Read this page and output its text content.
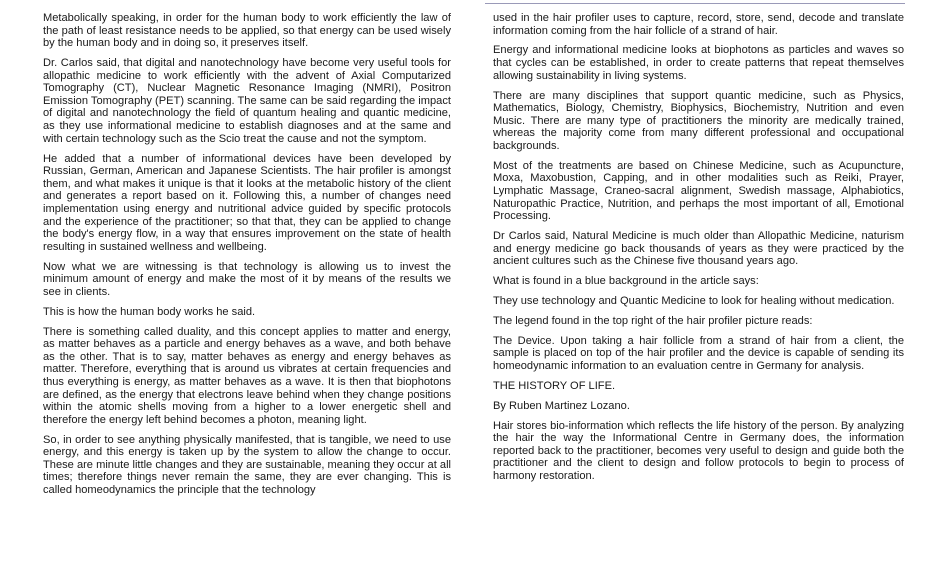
Metabolically speaking, in order for the human body to work efficiently the law of the path of least resistance needs to be applied, so that energy can be used wisely by the human body and in doing so, it preserves itself.

Dr. Carlos said, that digital and nanotechnology have become very useful tools for allopathic medicine to work efficiently with the advent of Axial Computarized Tomography (CT), Nuclear Magnetic Resonance Imaging (NMRI), Positron Emission Tomography (PET) scanning. The same can be said regarding the impact of digital and nanotechnology the field of quantum healing and quantic medicine, as they use informational medicine to establish diagnoses and at the same and with certain technology such as the Scio treat the cause and not the symptom.

He added that a number of informational devices have been developed by Russian, German, American and Japanese Scientists. The hair profiler is amongst them, and what makes it unique is that it looks at the metabolic history of the client and generates a report based on it. Following this, a number of changes need implementation using energy and nutritional advice guided by specific protocols and the experience of the practitioner; so that that, they can be applied to change the body's energy flow, in a way that ensures improvement on the state of health resulting in sustained wellness and wellbeing.

Now what we are witnessing is that technology is allowing us to invest the minimum amount of energy and make the most of it by means of the results we see in clients.

This is how the human body works he said.

There is something called duality, and this concept applies to matter and energy, as matter behaves as a particle and energy behaves as a wave, and both behave as the other. That is to say, matter behaves as energy and energy behaves as matter. Therefore, everything that is around us vibrates at certain frequencies and thus everything is energy, as matter behaves as a wave. It is then that biophotons are defined, as the energy that electrons leave behind when they change positions within the atomic shells moving from a higher to a lower energetic shell and therefore the energy left behind becomes a photon, meaning light.

So, in order to see anything physically manifested, that is tangible, we need to use energy, and this energy is taken up by the system to allow the change to occur. These are minute little changes and they are sustainable, meaning they occur at all times; therefore things never remain the same, they are ever changing. This is called homeodynamics the principle that the technology

used in the hair profiler uses to capture, record, store, send, decode and translate information coming from the hair follicle of a strand of hair.

Energy and informational medicine looks at biophotons as particles and waves so that cycles can be established, in order to create patterns that repeat themselves allowing sustainability in living systems.

There are many disciplines that support quantic medicine, such as Physics, Mathematics, Biology, Chemistry, Biophysics, Biochemistry, Nutrition and even Music. There are many type of practitioners the minority are medically trained, whereas the majority come from many different professional and occupational backgrounds.

Most of the treatments are based on Chinese Medicine, such as Acupuncture, Moxa, Maxobustion, Capping, and in other modalities such as Reiki, Prayer, Lymphatic Massage, Craneo-sacral alignment, Swedish massage, Alphabiotics, Naturopathic Practice, Nutrition, and perhaps the most important of all, Emotional Processing.

Dr Carlos said, Natural Medicine is much older than Allopathic Medicine, naturism and energy medicine go back thousands of years as they were practiced by the ancient cultures such as the Chinese five thousand years ago.

What is found in a blue background in the article says:

They use technology and Quantic Medicine to look for healing without medication.

The legend found in the top right of the hair profiler picture reads:

The Device. Upon taking a hair follicle from a strand of hair from a client, the sample is placed on top of the hair profiler and the device is capable of sending its homeodynamic information to an evaluation centre in Germany for analysis.

THE HISTORY OF LIFE.

By Ruben Martinez Lozano.

Hair stores bio-information which reflects the life history of the person. By analyzing the hair the way the Informational Centre in Germany does, the information reported back to the practitioner, becomes very useful to design and guide both the practitioner and the client to design and follow protocols to begin to process of harmony restoration.
